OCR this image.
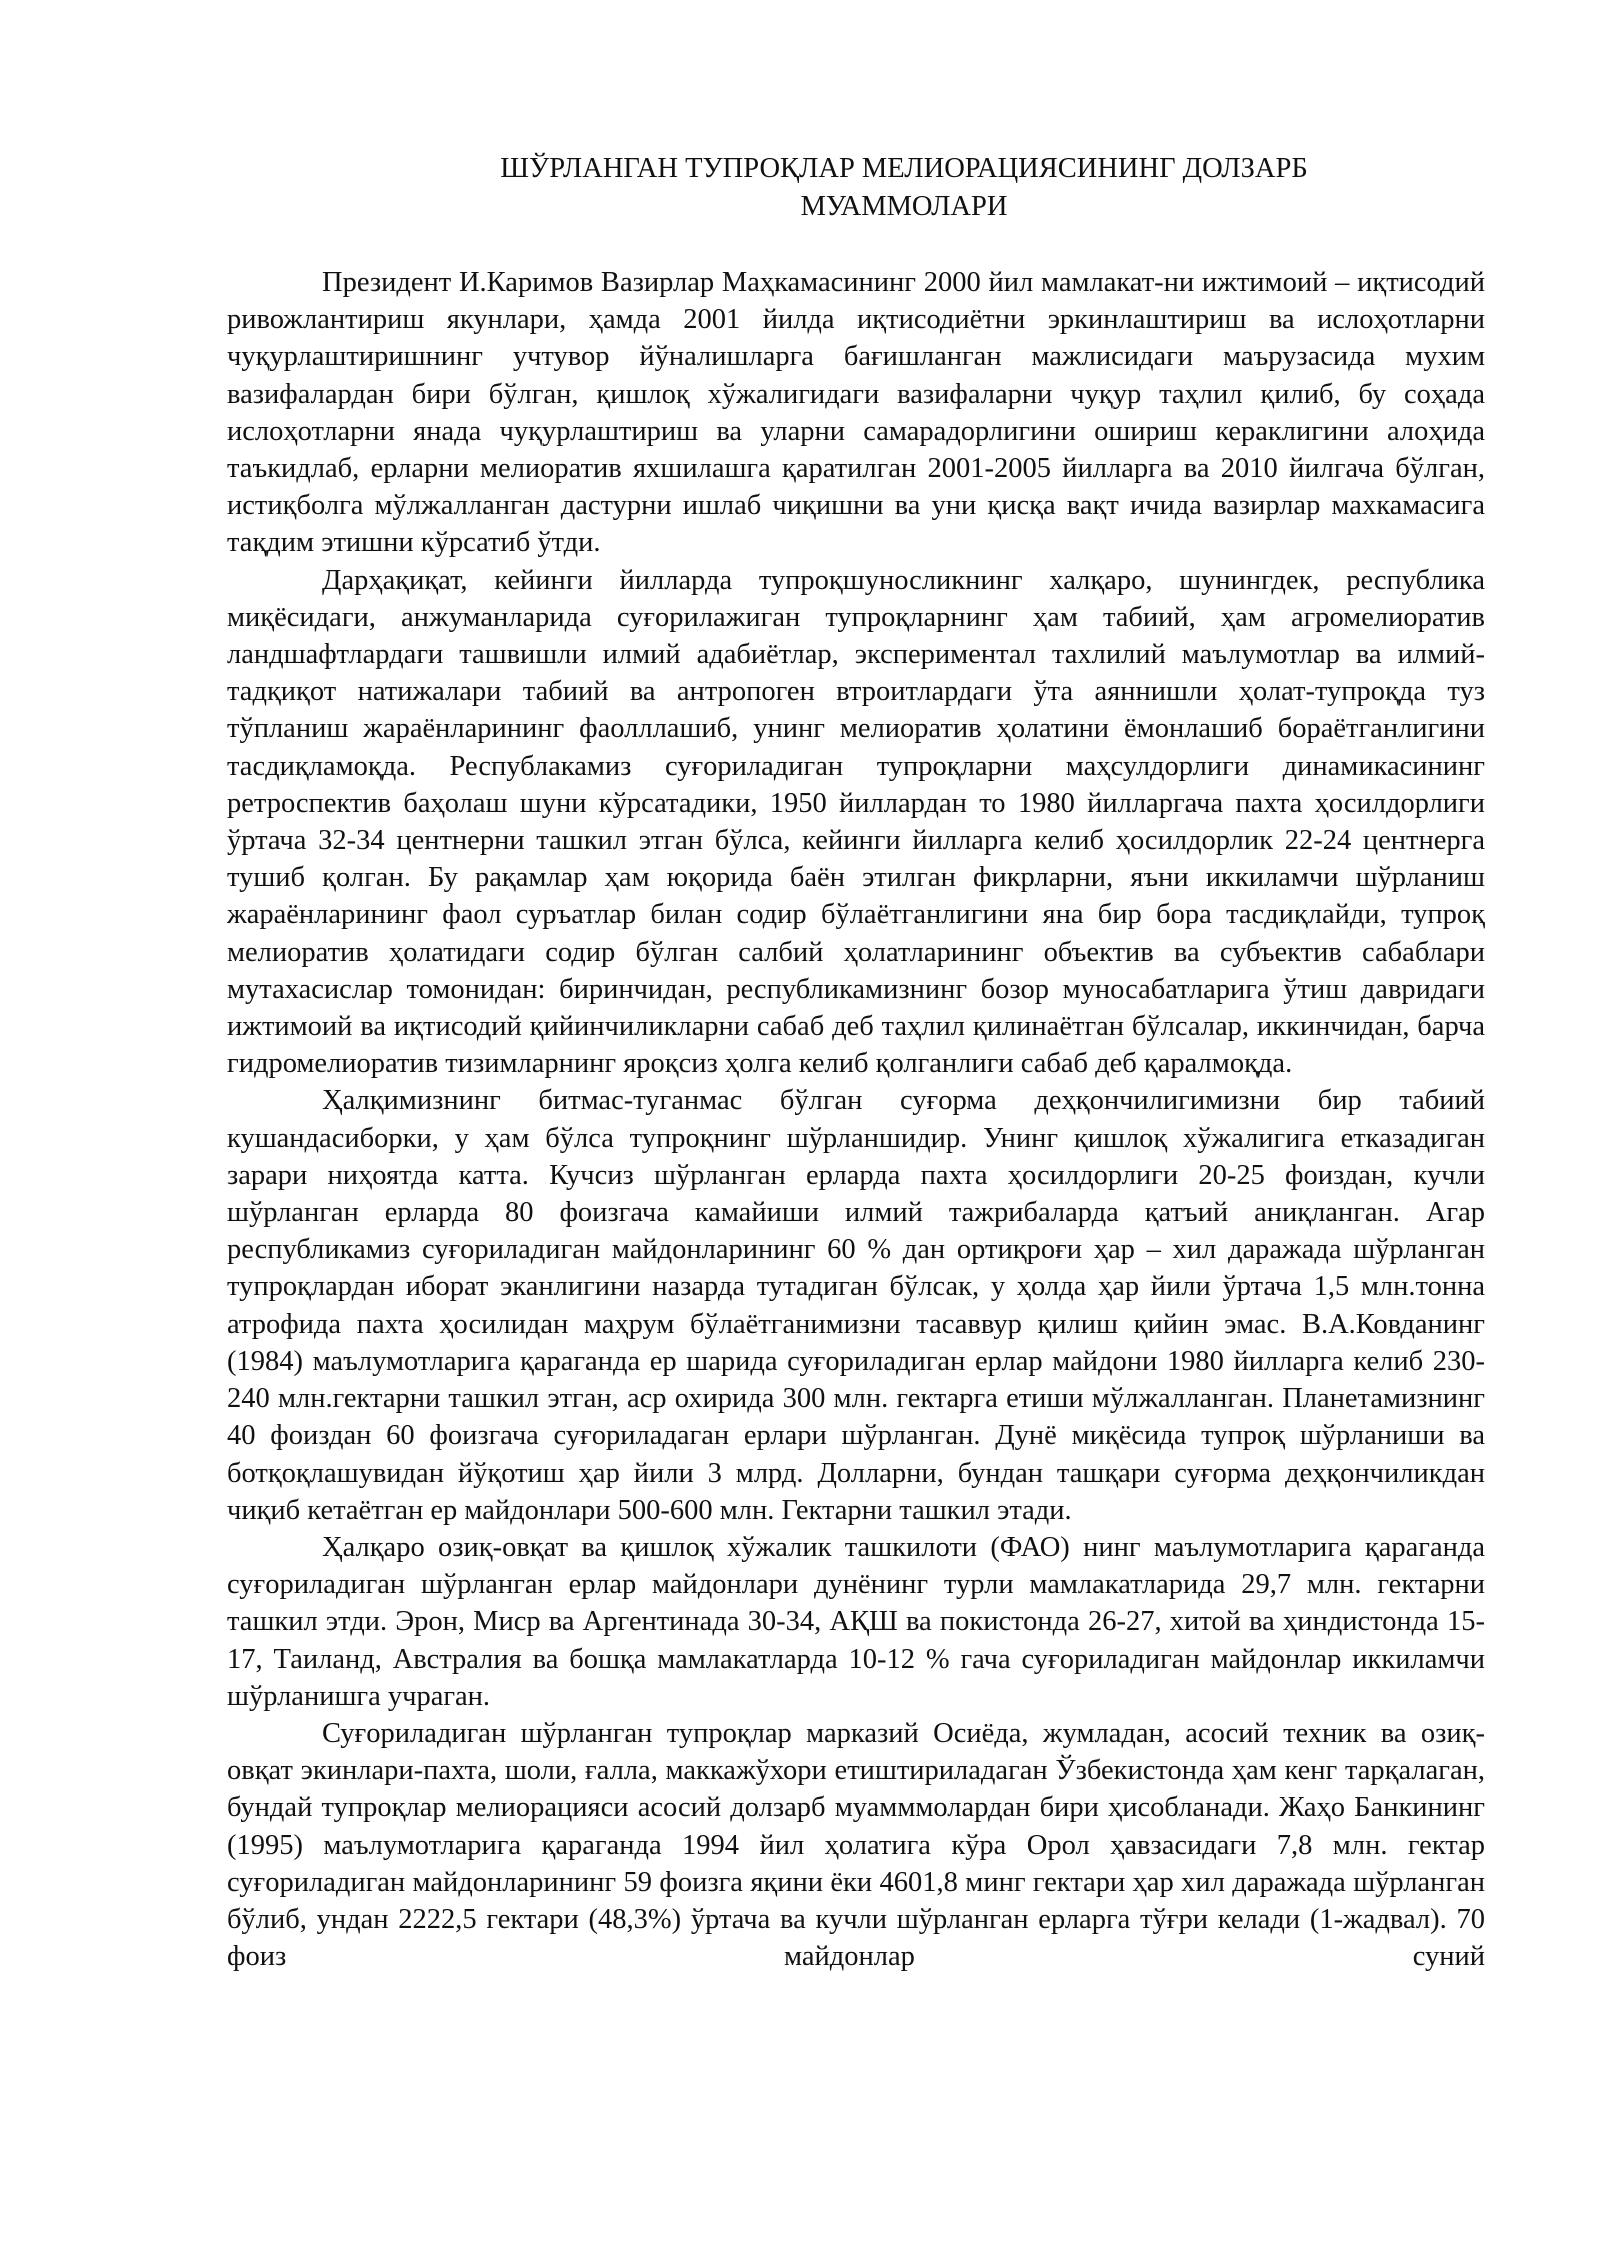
ШЎРЛАНГАН ТУПРОҚЛАР МЕЛИОРАЦИЯСИНИНГ ДОЛЗАРБ
МУАММОЛАРИ

Президент И.Каримов Вазирлар Маҳкамасининг 2000 йил мамлакат-ни ижтимоий – иқтисодий ривожлантириш якунлари, ҳамда 2001 йилда иқтисодиётни эркинлаштириш ва ислоҳотларни чуқурлаштиришнинг учтувор йўналишларга бағишланган мажлисидаги маърузасида мухим вазифалардан бири бўлган, қишлоқ хўжалигидаги вазифаларни чуқур таҳлил қилиб, бу соҳада ислоҳотларни янада чуқурлаштириш ва уларни самарадорлигини ошириш кераклигини алоҳида таъкидлаб, ерларни мелиоратив яхшилашга қаратилган 2001-2005 йилларга ва 2010 йилгача бўлган, истиқболга мўлжалланган дастурни ишлаб чиқишни ва уни қисқа вақт ичида вазирлар махкамасига тақдим этишни кўрсатиб ўтди.

Дарҳақиқат, кейинги йилларда тупроқшуносликнинг халқаро, шунингдек, республика миқёсидаги, анжуманларида суғорилажиган тупроқларнинг ҳам табиий, ҳам агромелиоратив ландшафтлардаги ташвишли илмий адабиётлар, экспериментал тахлилий маълумотлар ва илмий-тадқиқот натижалари табиий ва антропоген втроитлардаги ўта аяннишли ҳолат-тупроқда туз тўпланиш жараёнларининг фаолллашиб, унинг мелиоратив ҳолатини ёмонлашиб бораётганлигини тасдиқламоқда. Республакамиз суғориладиган тупроқларни маҳсулдорлиги динамикасининг ретроспектив баҳолаш шуни кўрсатадики, 1950 йиллардан то 1980 йилларгача пахта ҳосилдорлиги ўртача 32-34 центнерни ташкил этган бўлса, кейинги йилларга келиб ҳосилдорлик 22-24 центнерга тушиб қолган. Бу рақамлар ҳам юқорида баён этилган фикрларни, яъни иккиламчи шўрланиш жараёнларининг фаол суръатлар билан содир бўлаётганлигини яна бир бора тасдиқлайди, тупроқ мелиоратив ҳолатидаги содир бўлган салбий ҳолатларининг объектив ва субъектив сабаблари мутахасислар томонидан: биринчидан, республикамизнинг бозор муносабатларига ўтиш давридаги ижтимоий ва иқтисодий қийинчиликларни сабаб деб таҳлил қилинаётган бўлсалар, иккинчидан, барча гидромелиоратив тизимларнинг яроқсиз ҳолга келиб қолганлиги сабаб деб қаралмоқда.

Ҳалқимизнинг битмас-туганмас бўлган суғорма деҳқончилигимизни бир табиий кушандасиборки, у ҳам бўлса тупроқнинг шўрланшидир. Унинг қишлоқ хўжалигига етказадиган зарари ниҳоятда катта. Кучсиз шўрланган ерларда пахта ҳосилдорлиги 20-25 фоиздан, кучли шўрланган ерларда 80 фоизгача камайиши илмий тажрибаларда қатъий аниқланган. Агар республикамиз суғориладиган майдонларининг 60 % дан ортиқроғи ҳар – хил даражада шўрланган тупроқлардан иборат эканлигини назарда тутадиган бўлсак, у ҳолда ҳар йили ўртача 1,5 млн.тонна атрофида пахта ҳосилидан маҳрум бўлаётганимизни тасаввур қилиш қийин эмас. В.А.Ковданинг (1984) маълумотларига қараганда ер шарида суғориладиган ерлар майдони 1980 йилларга келиб 230-240 млн.гектарни ташкил этган, аср охирида 300 млн. гектарга етиши мўлжалланган. Планетамизнинг 40 фоиздан 60 фоизгача суғориладаган ерлари шўрланган. Дунё миқёсида тупроқ шўрланиши ва ботқоқлашувидан йўқотиш ҳар йили 3 млрд. Долларни, бундан ташқари суғорма деҳқончиликдан чиқиб кетаётган ер майдонлари 500-600 млн. Гектарни ташкил этади.

Ҳалқаро озиқ-овқат ва қишлоқ хўжалик ташкилоти (ФАО) нинг маълумотларига қараганда суғориладиган шўрланган ерлар майдонлари дунёнинг турли мамлакатларида 29,7 млн. гектарни ташкил этди. Эрон, Миср ва Аргентинада 30-34, АҚШ ва покистонда 26-27, хитой ва ҳиндистонда 15-17, Таиланд, Австралия ва бошқа мамлакатларда 10-12 % гача суғориладиган майдонлар иккиламчи шўрланишга учраган.

Суғориладиган шўрланган тупроқлар марказий Осиёда, жумладан, асосий техник ва озиқ-овқат экинлари-пахта, шоли, ғалла, маккажўхори етиштириладаган Ўзбекистонда ҳам кенг тарқалаган, бундай тупроқлар мелиорацияси асосий долзарб муамммолардан бири ҳисобланади. Жаҳо Банкининг (1995) маълумотларига қараганда 1994 йил ҳолатига кўра Орол ҳавзасидаги 7,8 млн. гектар суғориладиган майдонларининг 59 фоизга яқини ёки 4601,8 минг гектари ҳар хил даражада шўрланган бўлиб, ундан 2222,5 гектари (48,3%) ўртача ва кучли шўрланган ерларга тўғри келади (1-жадвал). 70 фоиз майдонлар суний
